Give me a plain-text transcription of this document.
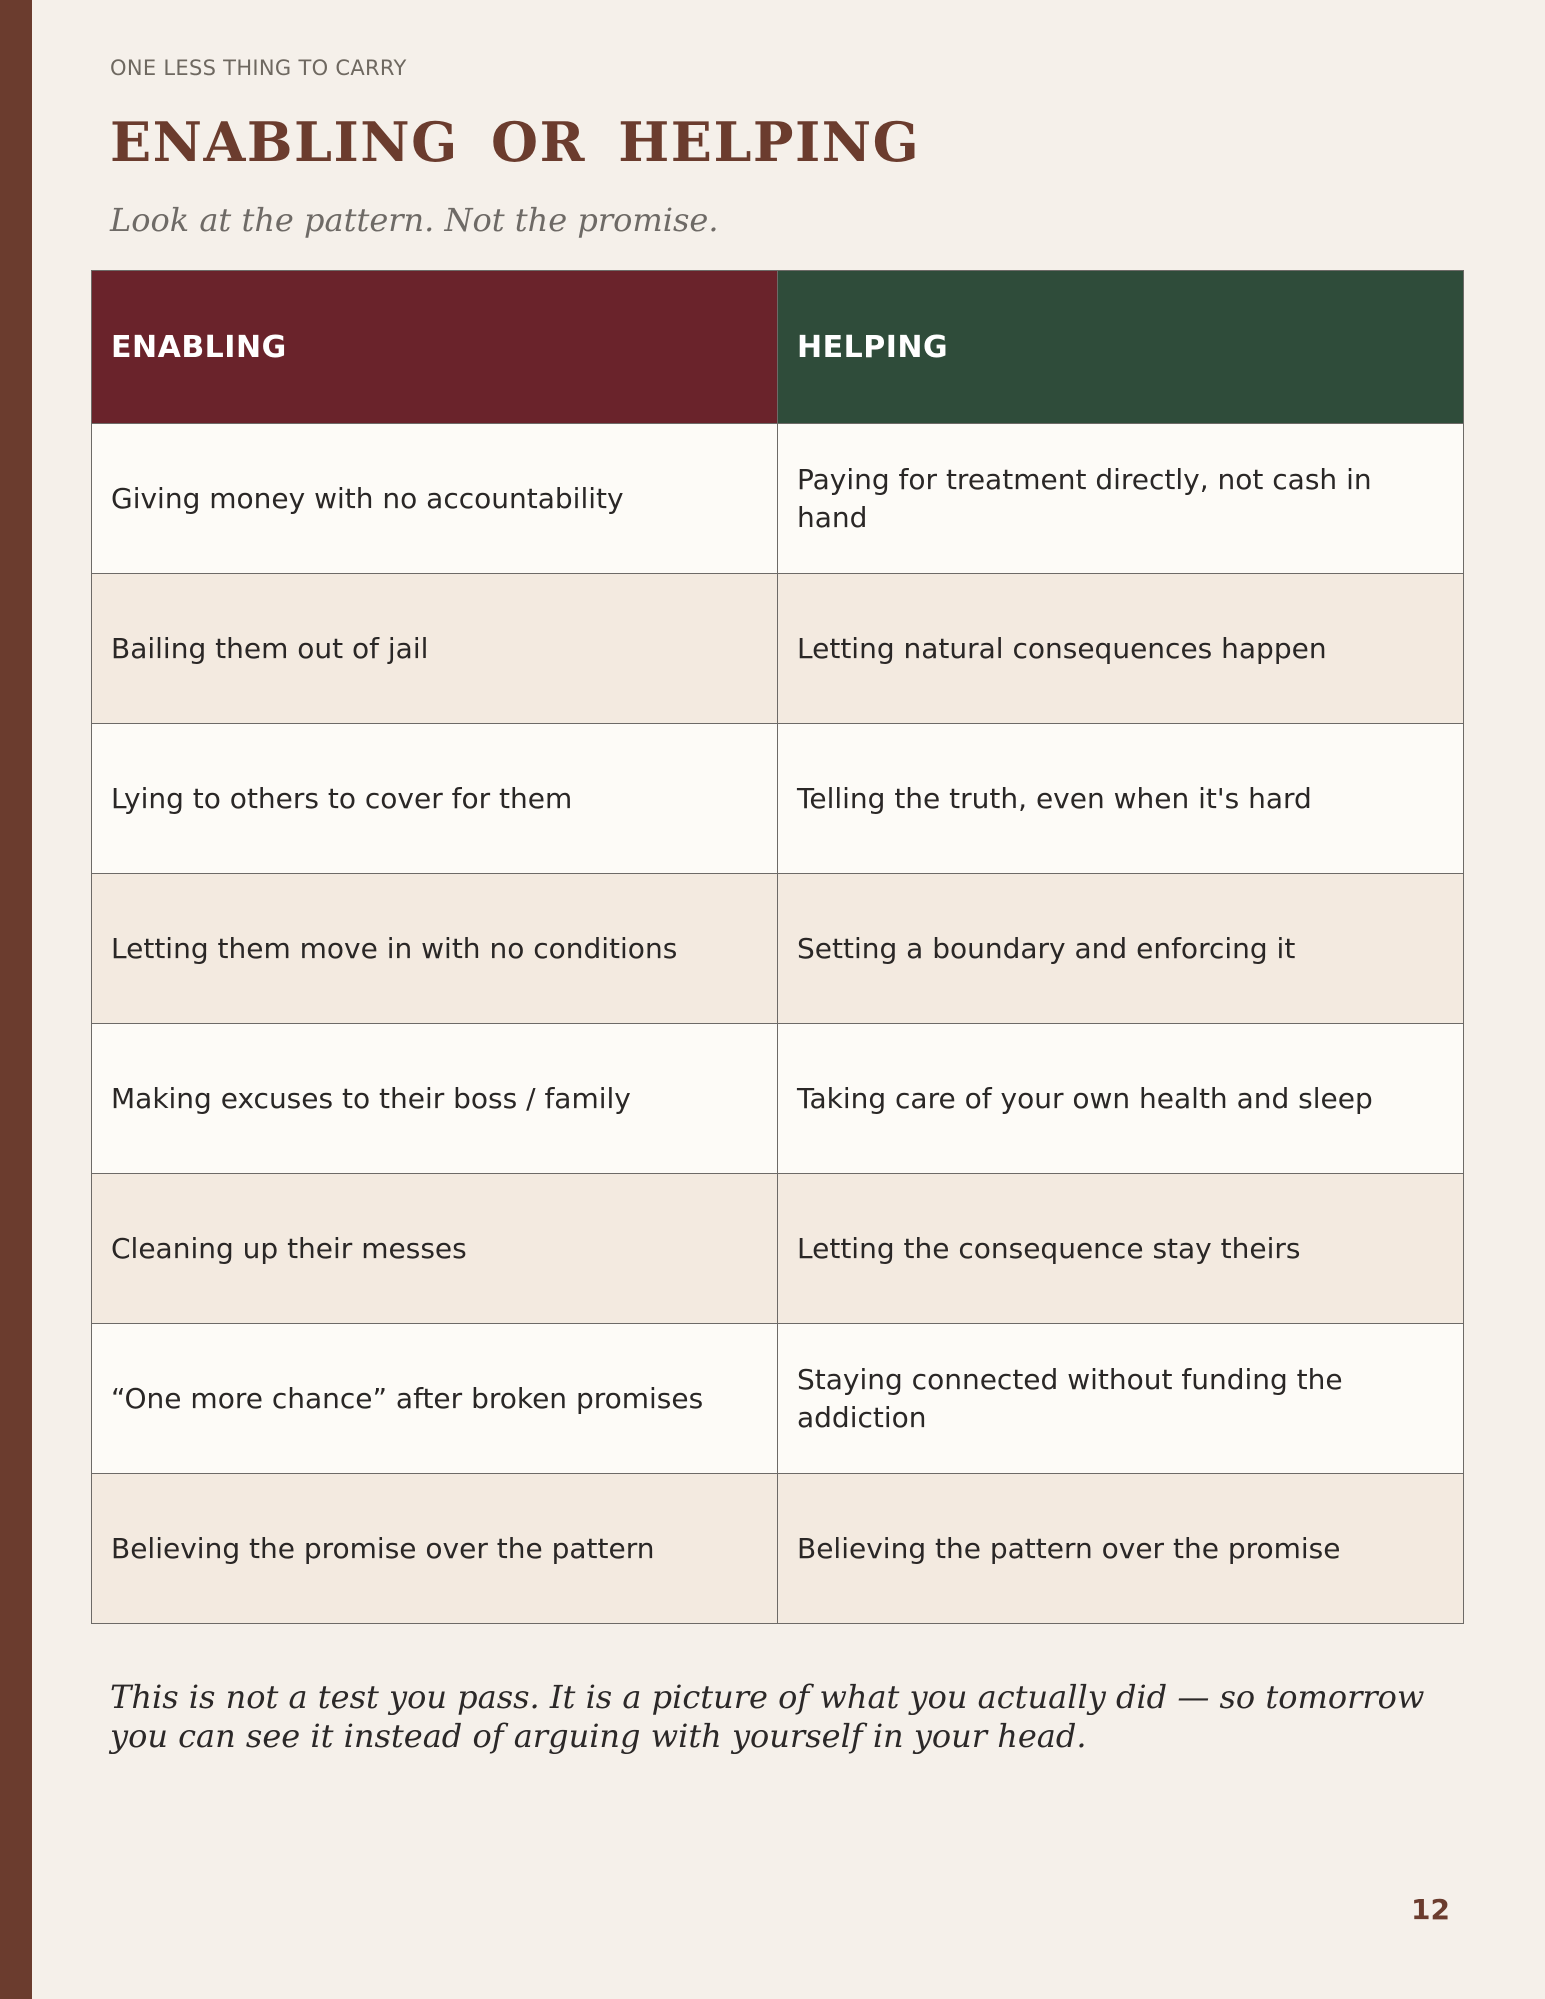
ONE LESS THING TO CARRY
ENABLING OR HELPING
Look at the pattern. Not the promise.
ENABLING	HELPING
Giving money with no accountability	Paying for treatment directly, not cash in hand
Bailing them out of jail	Letting natural consequences happen
Lying to others to cover for them	Telling the truth, even when it's hard
Letting them move in with no conditions	Setting a boundary and enforcing it
Making excuses to their boss / family	Taking care of your own health and sleep
Cleaning up their messes	Letting the consequence stay theirs
“One more chance” after broken promises	Staying connected without funding the addiction
Believing the promise over the pattern	Believing the pattern over the promise
This is not a test you pass. It is a picture of what you actually did — so tomorrow you can see it instead of arguing with yourself in your head.
12
